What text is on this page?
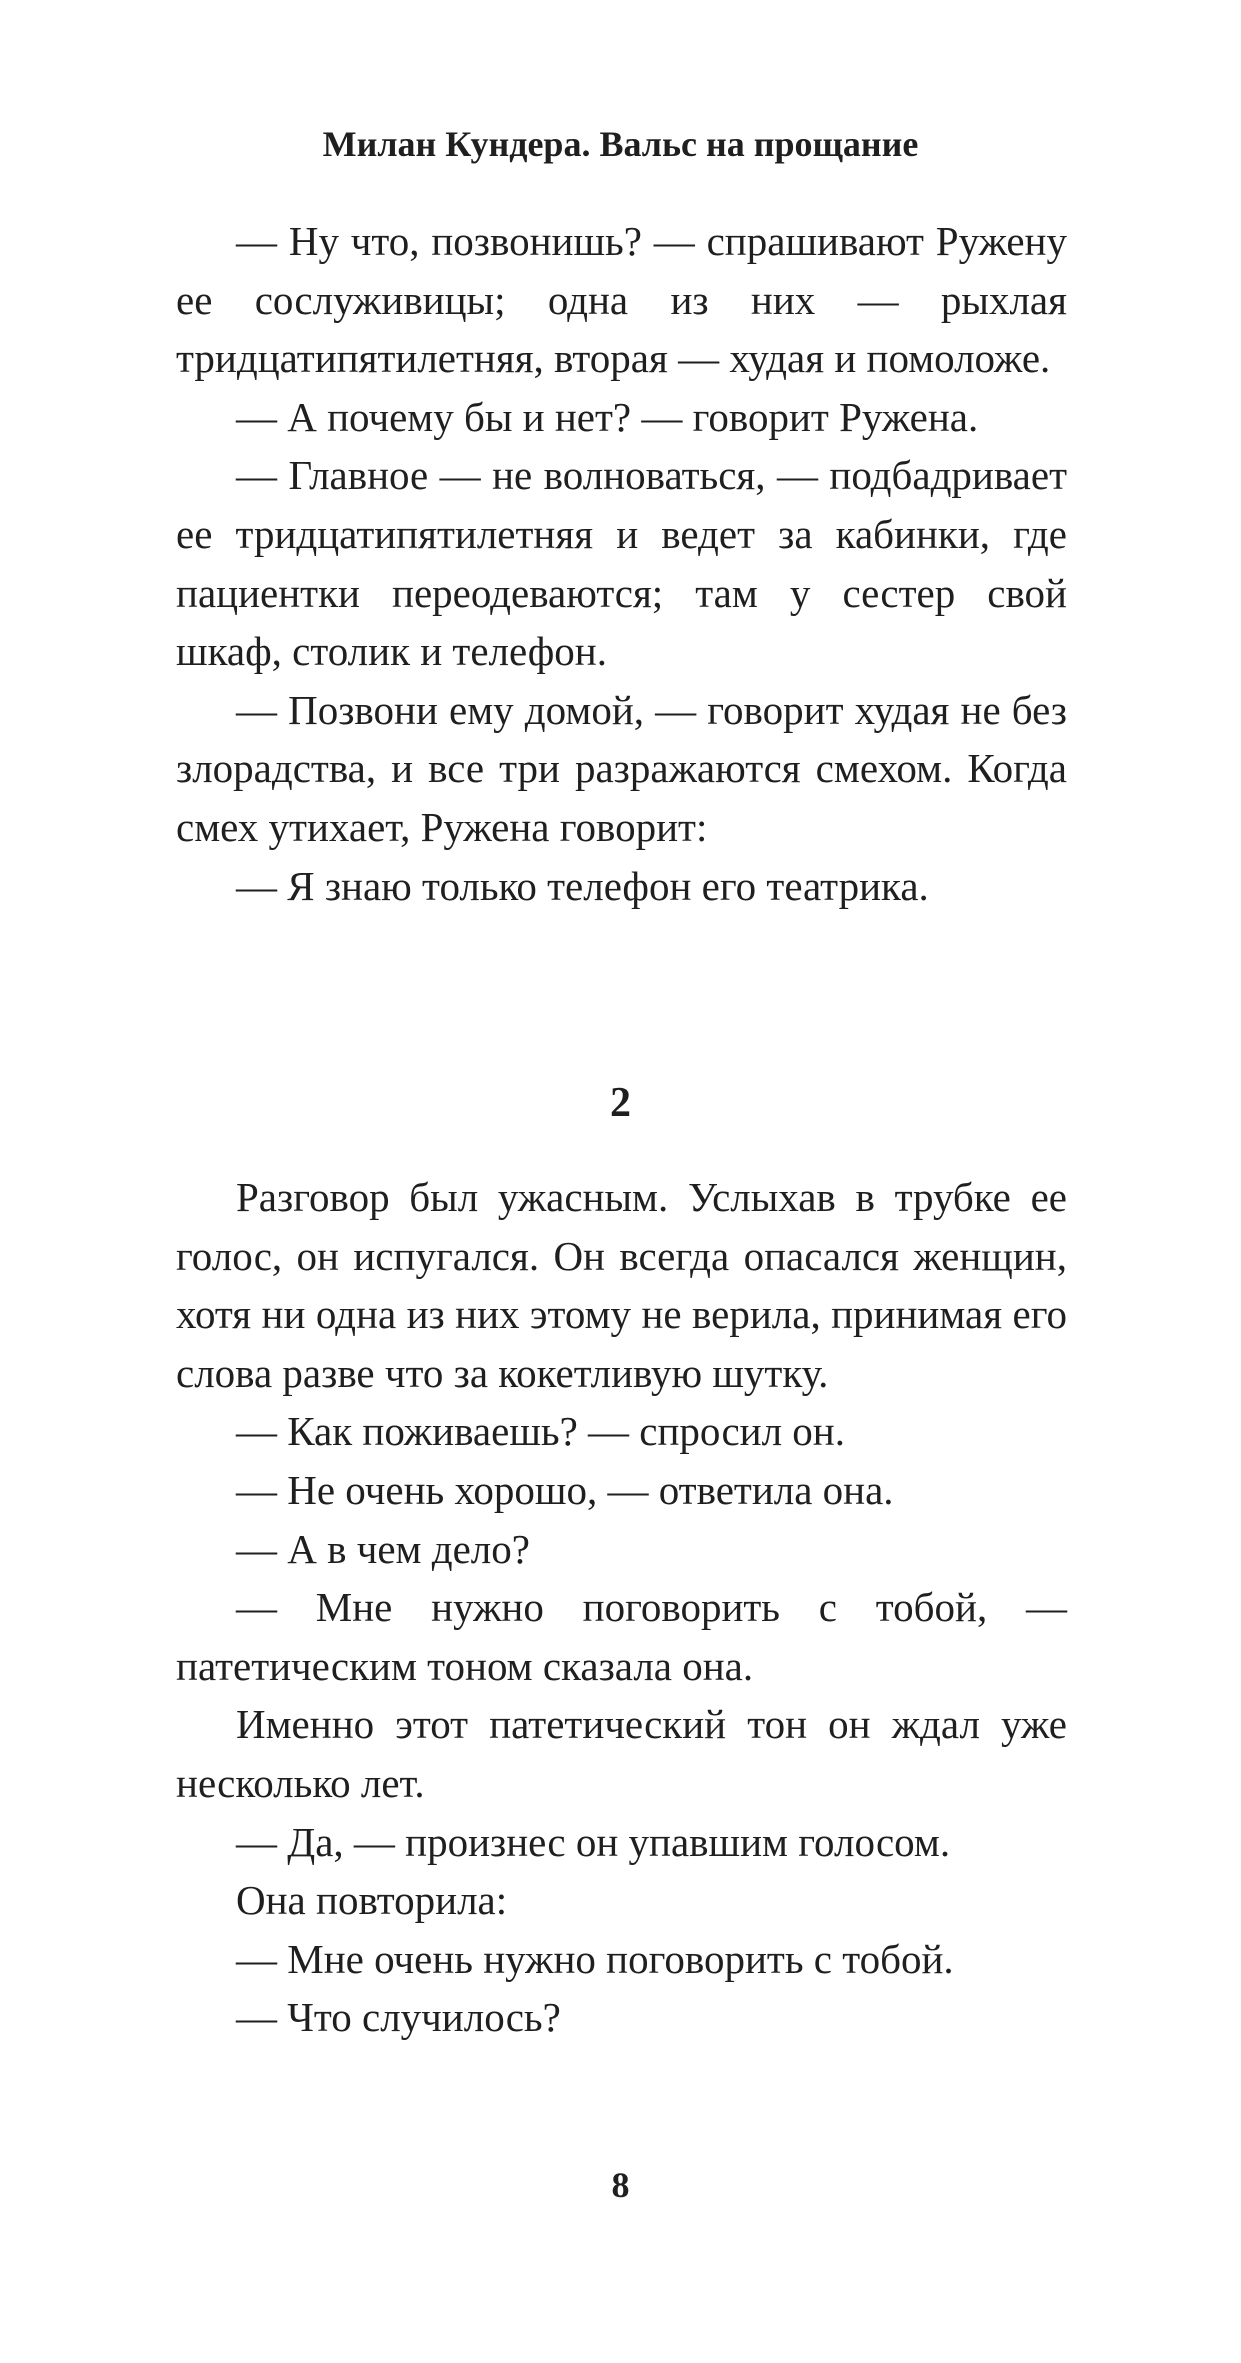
Милан Кундера. Вальс на прощание

— Ну что, позвонишь? — спрашивают Ружену ее сослуживицы; одна из них — рыхлая тридцатипятилетняя, вторая — худая и помоложе.

— А почему бы и нет? — говорит Ружена.

— Главное — не волноваться, — подбадривает ее тридцатипятилетняя и ведет за кабинки, где пациентки переодеваются; там у сестер свой шкаф, столик и телефон.

— Позвони ему домой, — говорит худая не без злорадства, и все три разражаются смехом. Когда смех утихает, Ружена говорит:

— Я знаю только телефон его театрика.

2

Разговор был ужасным. Услыхав в трубке ее голос, он испугался. Он всегда опасался женщин, хотя ни одна из них этому не верила, принимая его слова разве что за кокетливую шутку.

— Как поживаешь? — спросил он.

— Не очень хорошо, — ответила она.

— А в чем дело?

— Мне нужно поговорить с тобой, — патетическим тоном сказала она.

Именно этот патетический тон он ждал уже несколько лет.

— Да, — произнес он упавшим голосом.

Она повторила:

— Мне очень нужно поговорить с тобой.

— Что случилось?

8
